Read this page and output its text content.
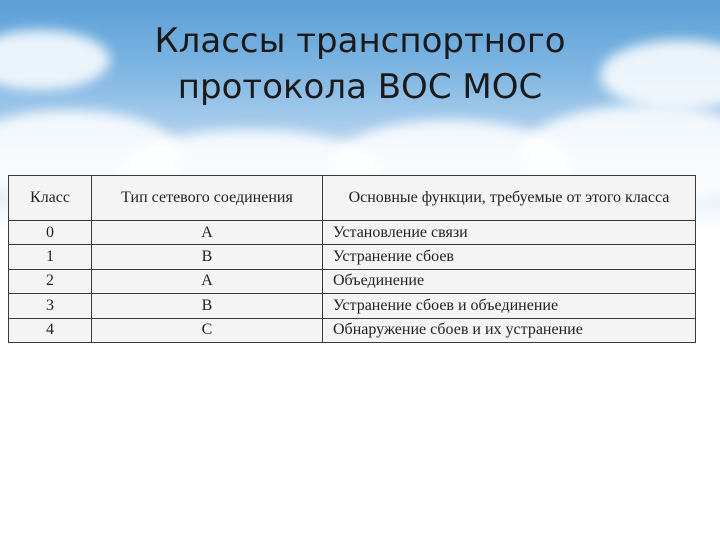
Классы транспортного
протокола ВОС МОС
Класс	Тип сетевого соединения	Основные функции, требуемые от этого класса
0	А	Установление связи
1	В	Устранение сбоев
2	А	Объединение
3	В	Устранение сбоев и объединение
4	С	Обнаружение сбоев и их устранение
